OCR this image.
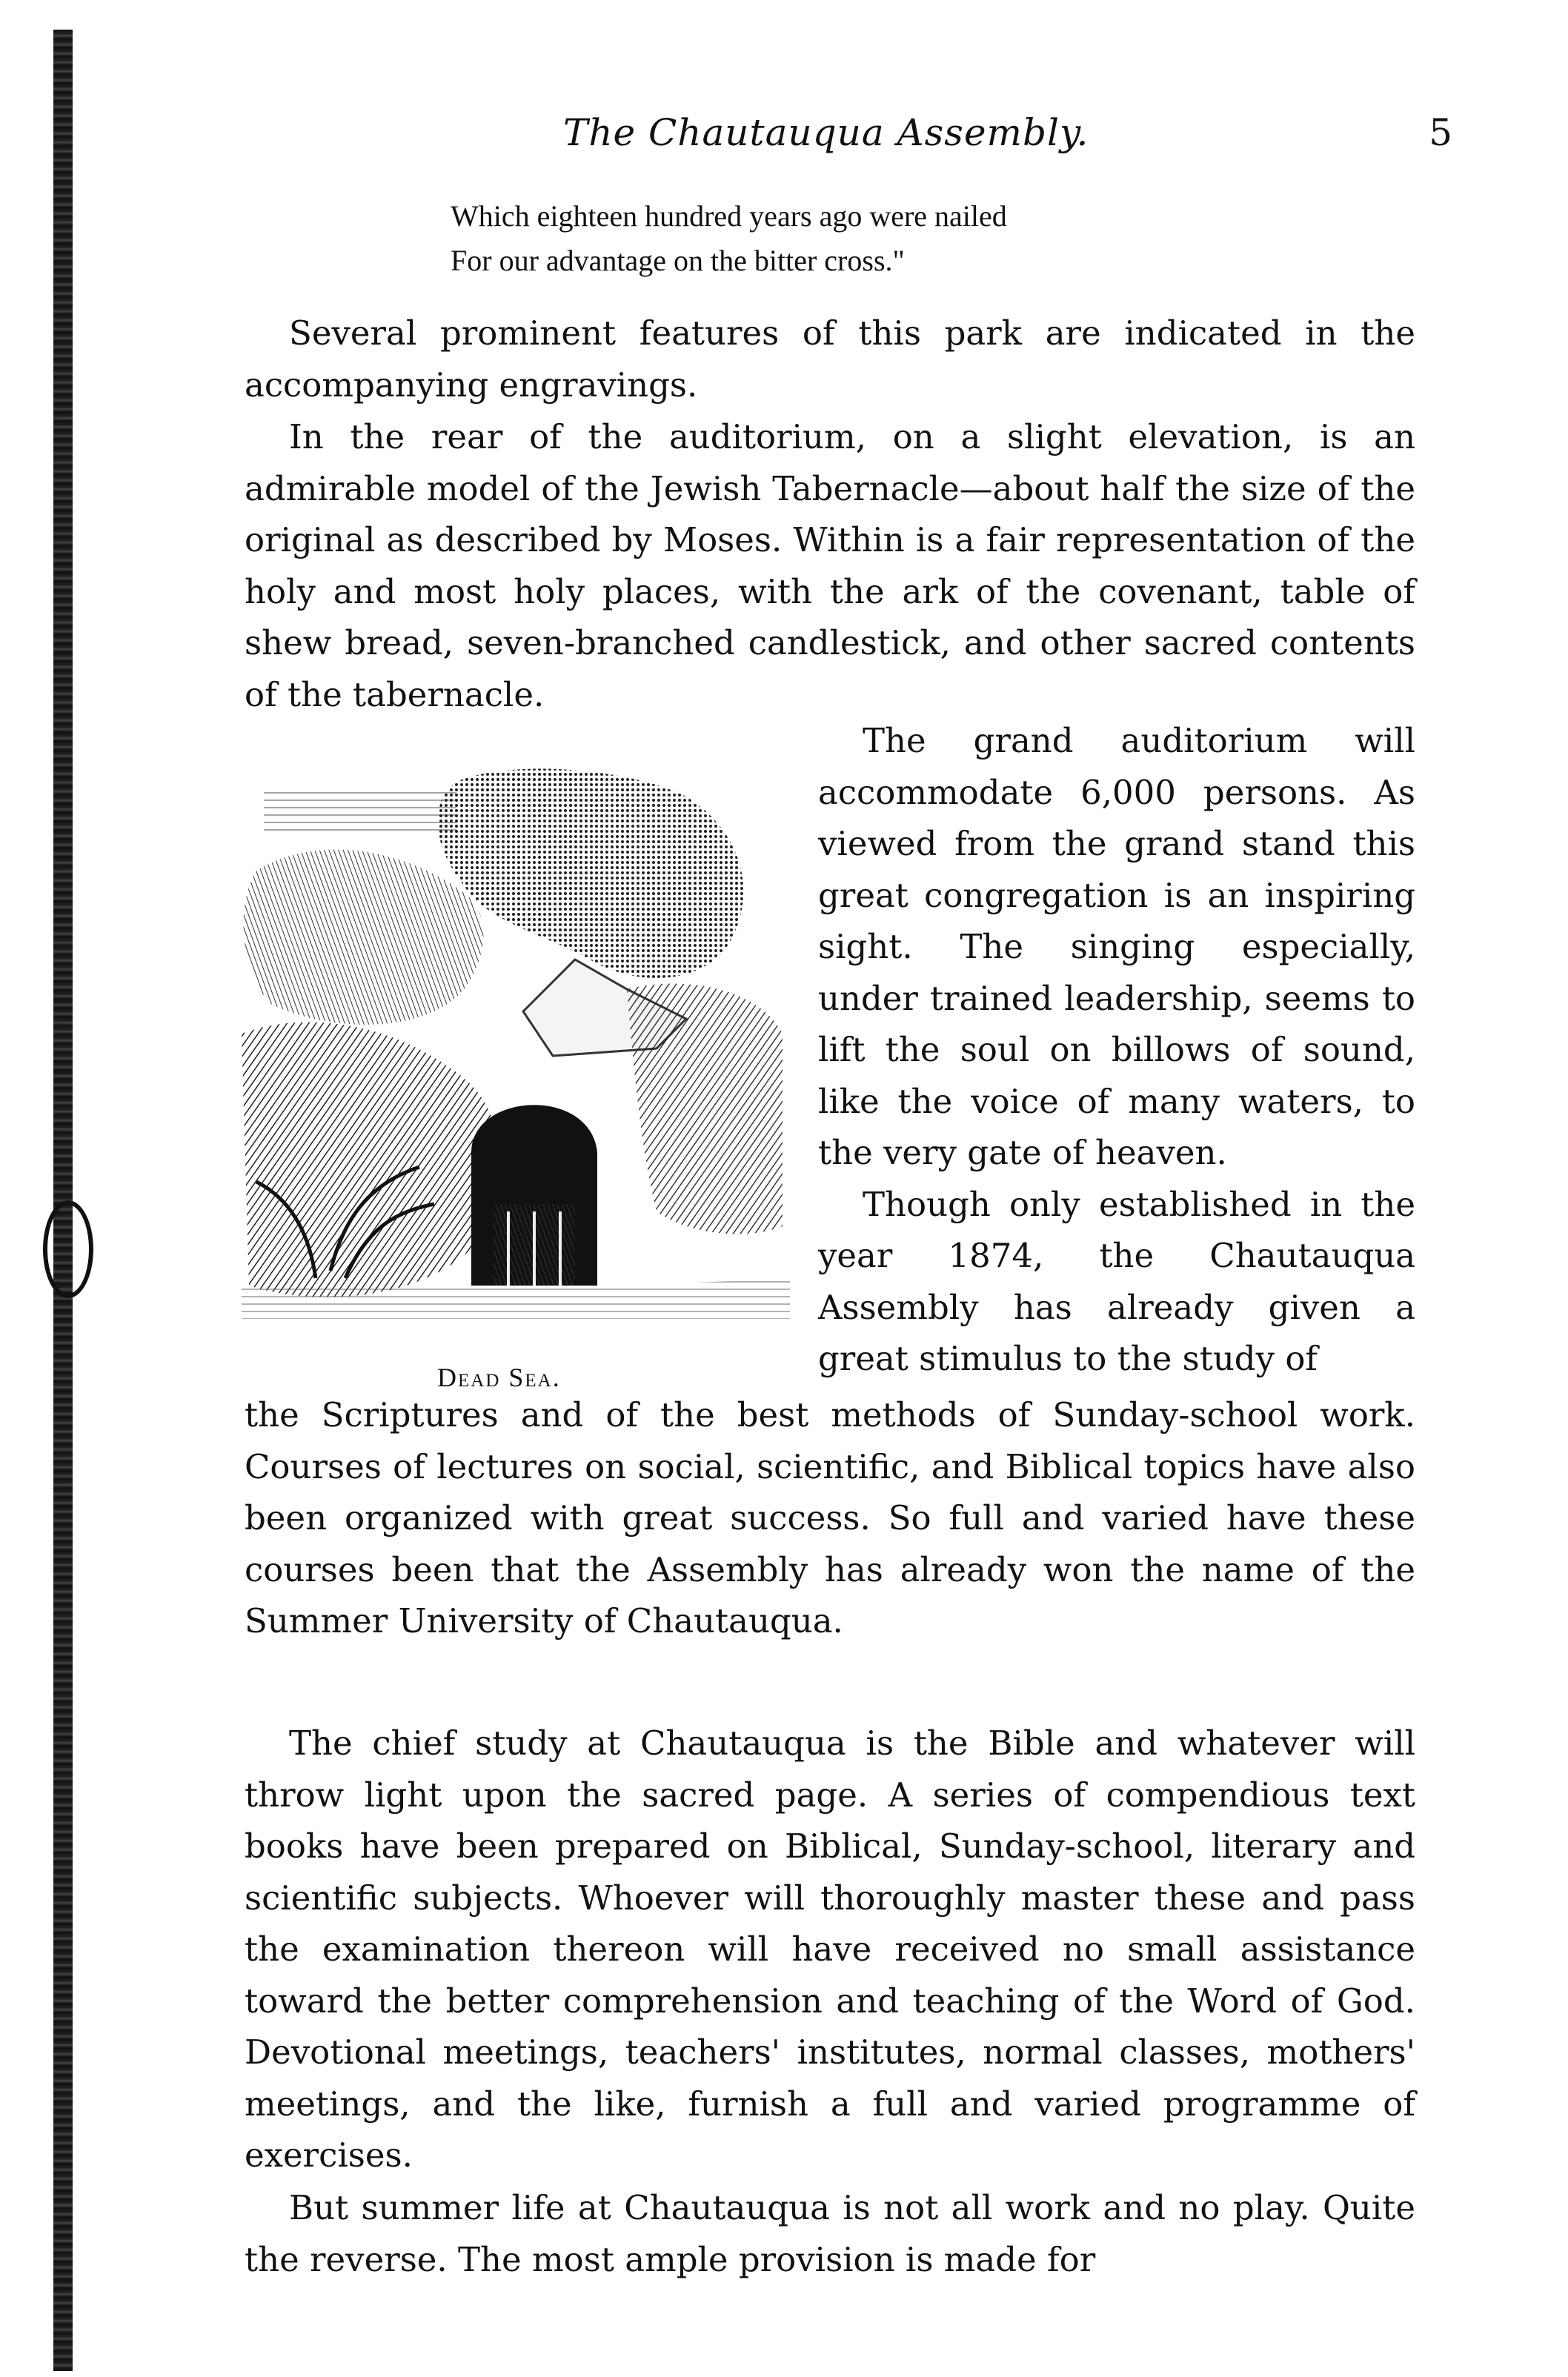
The Chautauqua Assembly.	5

Which eighteen hundred years ago were nailed

For our advantage on the bitter cross."

Several prominent features of this park are indicated in the accompanying engravings.

In the rear of the auditorium, on a slight elevation, is an admirable model of the Jewish Tabernacle—about half the size of the original as described by Moses. Within is a fair representation of the holy and most holy places, with the ark of the covenant, table of shew bread, seven-branched candlestick, and other sacred contents of the tabernacle.

The grand auditorium will accommodate 6,000 persons. As viewed from the grand stand this great congregation is an inspiring sight. The singing especially, under trained leadership, seems to lift the soul on billows of sound, like the voice of many waters, to the very gate of heaven.

Though only established in the year 1874, the Chautauqua Assembly has already given a great stimulus to the study of

Dead Sea.

the Scriptures and of the best methods of Sunday-school work. Courses of lectures on social, scientific, and Biblical topics have also been organized with great success. So full and varied have these courses been that the Assembly has already won the name of the Summer University of Chautauqua.

The chief study at Chautauqua is the Bible and whatever will throw light upon the sacred page. A series of compendious text books have been prepared on Biblical, Sunday-school, literary and scientific subjects. Whoever will thoroughly master these and pass the examination thereon will have received no small assistance toward the better comprehension and teaching of the Word of God. Devotional meetings, teachers' institutes, normal classes, mothers' meetings, and the like, furnish a full and varied programme of exercises.

But summer life at Chautauqua is not all work and no play. Quite the reverse. The most ample provision is made for
